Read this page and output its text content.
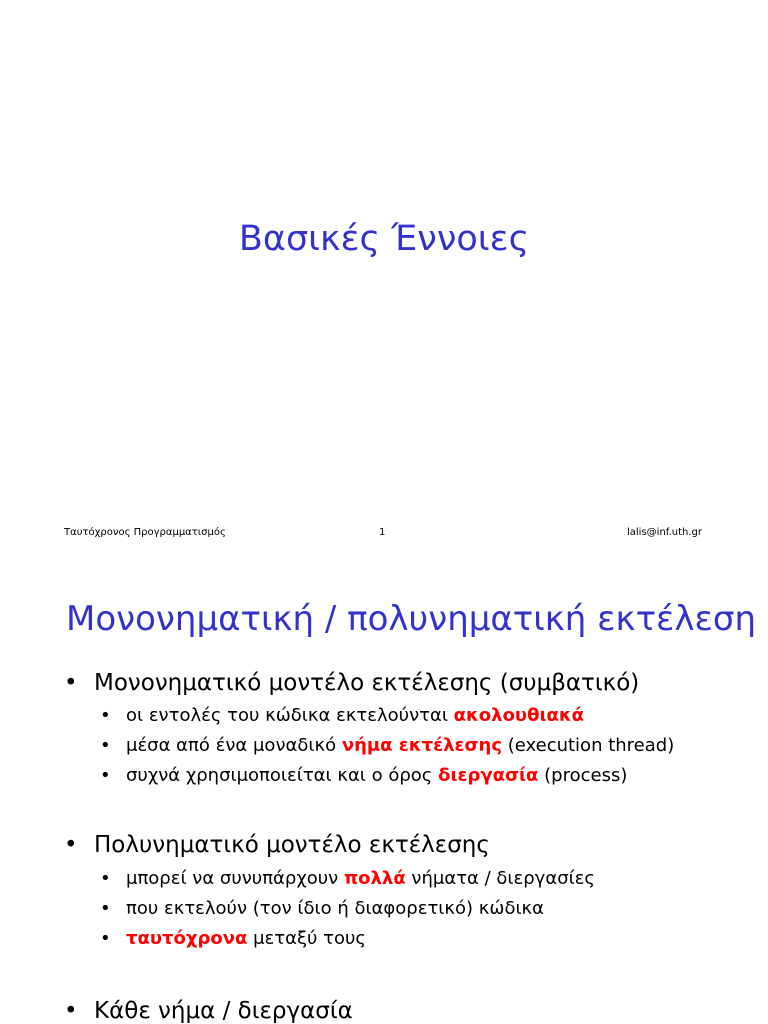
Βασικές Έννοιες
Ταυτόχρονος Προγραμματισμός	1	lalis@inf.uth.gr
Μονονηματική / πολυνηματική εκτέλεση
• Μονονηματικό μοντέλο εκτέλεσης (συμβατικό)
• οι εντολές του κώδικα εκτελούνται ακολουθιακά
• μέσα από ένα μοναδικό νήμα εκτέλεσης (execution thread)
• συχνά χρησιμοποιείται και ο όρος διεργασία (process)
• Πολυνηματικό μοντέλο εκτέλεσης
• μπορεί να συνυπάρχουν πολλά νήματα / διεργασίες
• που εκτελούν (τον ίδιο ή διαφορετικό) κώδικα
• ταυτόχρονα μεταξύ τους
• Κάθε νήμα / διεργασία
